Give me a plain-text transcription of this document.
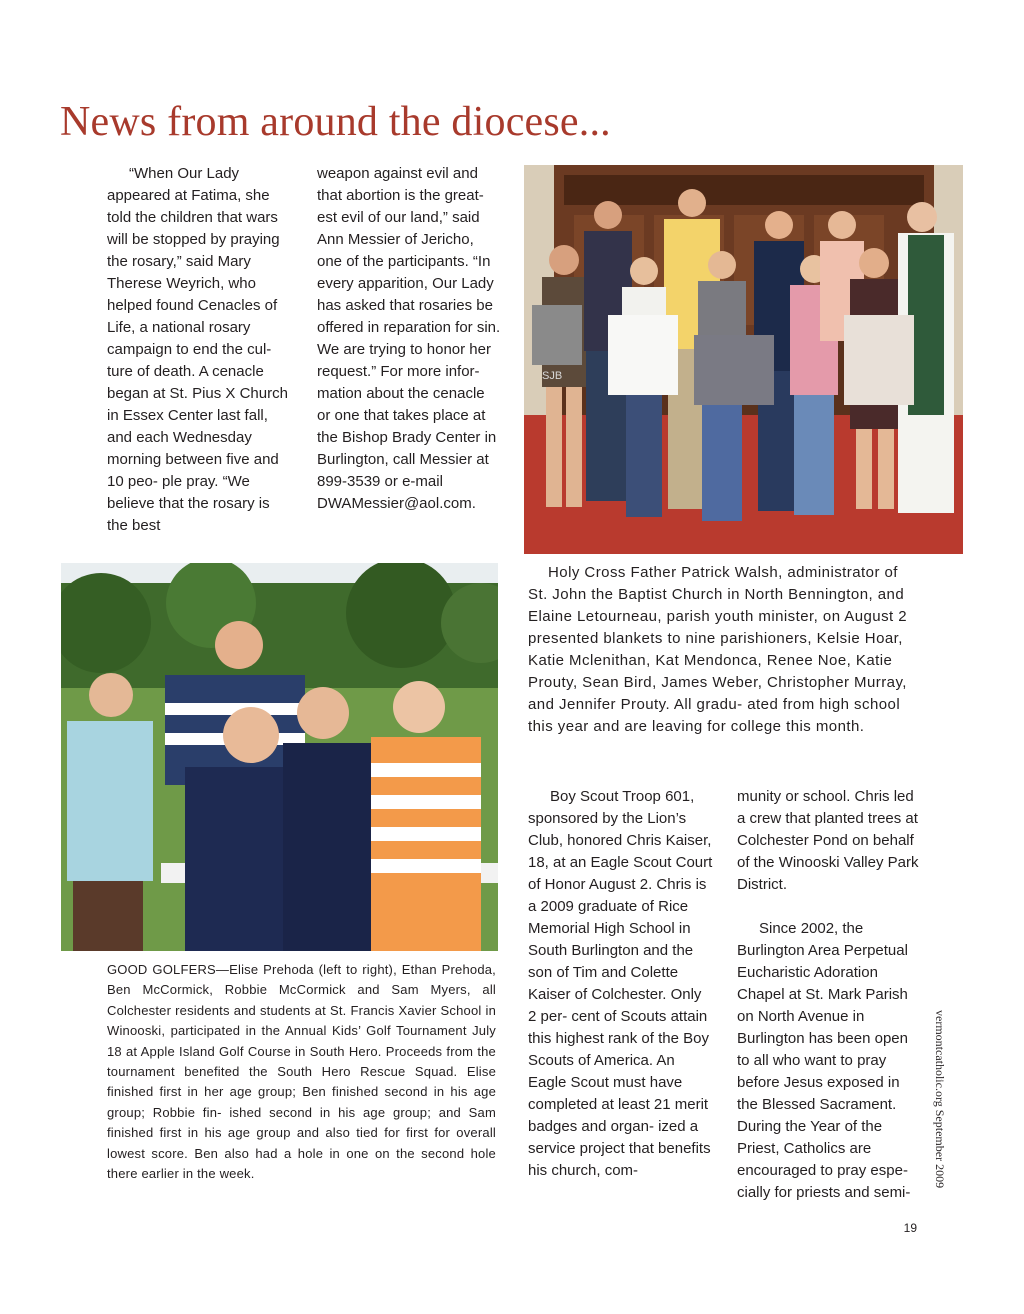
News from around the diocese...

“When Our Lady appeared at Fatima, she told the children that wars will be stopped by praying the rosary,” said Mary Therese Weyrich, who helped found Cenacles of Life, a national rosary campaign to end the cul- ture of death. A cenacle began at St. Pius X Church in Essex Center last fall, and each Wednesday morning between five and 10 peo- ple pray. “We believe that the rosary is the best

weapon against evil and that abortion is the great- est evil of our land,” said Ann Messier of Jericho, one of the participants. “In every apparition, Our Lady has asked that rosaries be offered in reparation for sin. We are trying to honor her request.” For more infor- mation about the cenacle or one that takes place at the Bishop Brady Center in Burlington, call Messier at 899-3539 or e-mail DWAMessier@aol.com.

SJB

Holy Cross Father Patrick Walsh, administrator of St. John the Baptist Church in North Bennington, and Elaine Letourneau, parish youth minister, on August 2 presented blankets to nine parishioners, Kelsie Hoar, Katie Mclenithan, Kat Mendonca, Renee Noe, Katie Prouty, Sean Bird, James Weber, Christopher Murray, and Jennifer Prouty. All gradu- ated from high school this year and are leaving for college this month.

GOOD GOLFERS—Elise Prehoda (left to right), Ethan Prehoda, Ben McCormick, Robbie McCormick and Sam Myers, all Colchester residents and students at St. Francis Xavier School in Winooski, participated in the Annual Kids’ Golf Tournament July 18 at Apple Island Golf Course in South Hero. Proceeds from the tournament benefited the South Hero Rescue Squad. Elise finished first in her age group; Ben finished second in his age group; Robbie fin- ished second in his age group; and Sam finished first in his age group and also tied for first for overall lowest score. Ben also had a hole in one on the second hole there earlier in the week.

Boy Scout Troop 601, sponsored by the Lion’s Club, honored Chris Kaiser, 18, at an Eagle Scout Court of Honor August 2. Chris is a 2009 graduate of Rice Memorial High School in South Burlington and the son of Tim and Colette Kaiser of Colchester. Only 2 per- cent of Scouts attain this highest rank of the Boy Scouts of America. An Eagle Scout must have completed at least 21 merit badges and organ- ized a service project that benefits his church, com-

munity or school. Chris led a crew that planted trees at Colchester Pond on behalf of the Winooski Valley Park District.

Since 2002, the Burlington Area Perpetual Eucharistic Adoration Chapel at St. Mark Parish on North Avenue in Burlington has been open to all who want to pray before Jesus exposed in the Blessed Sacrament. During the Year of the Priest, Catholics are encouraged to pray espe- cially for priests and semi-

vermontcatholic.org September 2009
19
